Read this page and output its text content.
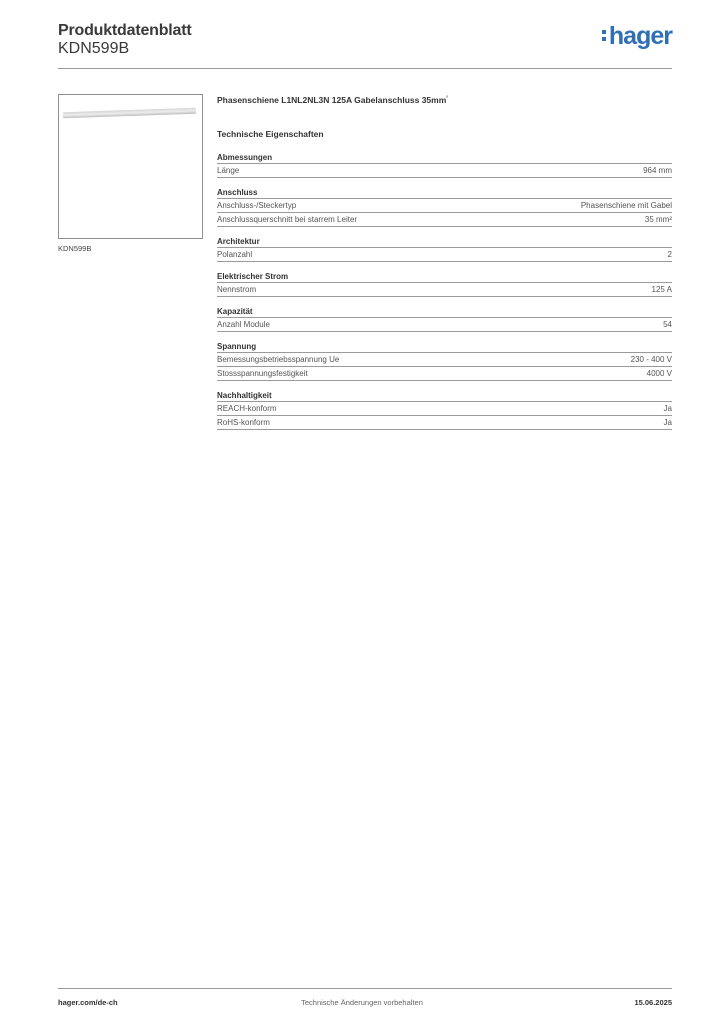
Produktdatenblatt
KDN599B	hager
KDN599B
Phasenschiene L1NL2NL3N 125A Gabelanschluss $35mm^{^2}$
Technische Eigenschaften
Abmessungen
Länge	964 mm
Anschluss
Anschluss-/Steckertyp	Phasenschiene mit Gabel
Anschlussquerschnitt bei starrem Leiter	35 mm²
Architektur
Polanzahl	2
Elektrischer Strom
Nennstrom	125 A
Kapazität
Anzahl Module	54
Spannung
Bemessungsbetriebsspannung Ue	230 - 400 V
Stossspannungsfestigkeit	4000 V
Nachhaltigkeit
REACH-konform	Ja
RoHS-konform	Ja
hager.com/de-ch	Technische Änderungen vorbehalten	15.06.2025
